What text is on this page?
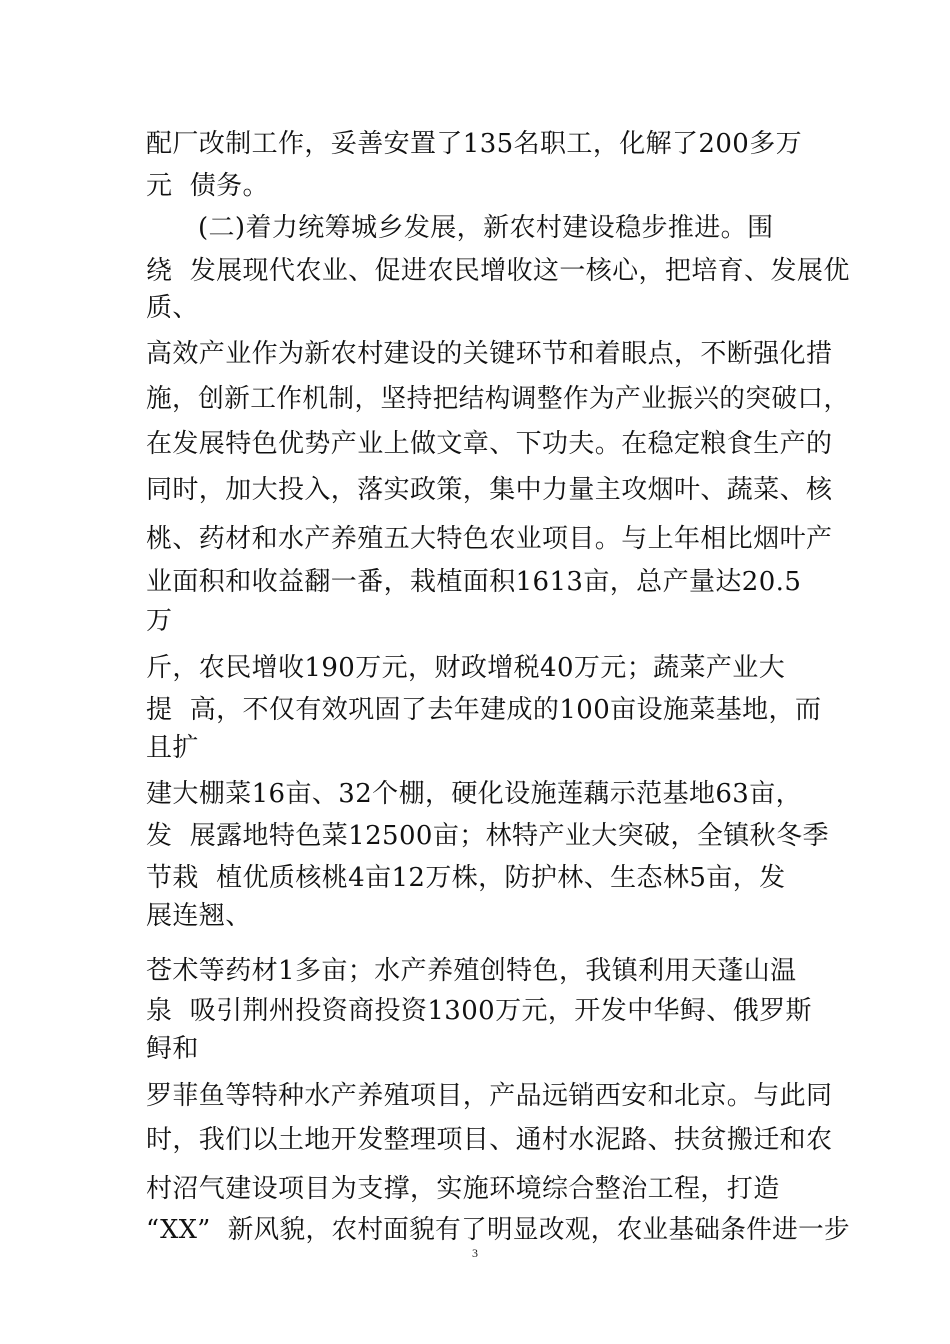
配厂改制工作，妥善安置了135名职工，化解了200多万
元  债务。
(二)着力统筹城乡发展，新农村建设稳步推进。围
绕  发展现代农业、促进农民增收这一核心，把培育、发展优
质、
高效产业作为新农村建设的关键环节和着眼点，不断强化措
施，创新工作机制，坚持把结构调整作为产业振兴的突破口，
在发展特色优势产业上做文章、下功夫。在稳定粮食生产的
同时，加大投入，落实政策，集中力量主攻烟叶、蔬菜、核
桃、药材和水产养殖五大特色农业项目。与上年相比烟叶产
业面积和收益翻一番，栽植面积1613亩，总产量达20.5
万
斤，农民增收190万元，财政增税40万元；蔬菜产业大
提  高，不仅有效巩固了去年建成的100亩设施菜基地，而
且扩
建大棚菜16亩、32个棚，硬化设施莲藕示范基地63亩，
发  展露地特色菜12500亩；林特产业大突破，全镇秋冬季
节栽  植优质核桃4亩12万株，防护林、生态林5亩，发
展连翘、
苍术等药材1多亩；水产养殖创特色，我镇利用天蓬山温
泉  吸引荆州投资商投资1300万元，开发中华鲟、俄罗斯
鲟和
罗菲鱼等特种水产养殖项目，产品远销西安和北京。与此同
时，我们以土地开发整理项目、通村水泥路、扶贫搬迁和农
村沼气建设项目为支撑，实施环境综合整治工程，打造
“XX”  新风貌，农村面貌有了明显改观，农业基础条件进一步
3
